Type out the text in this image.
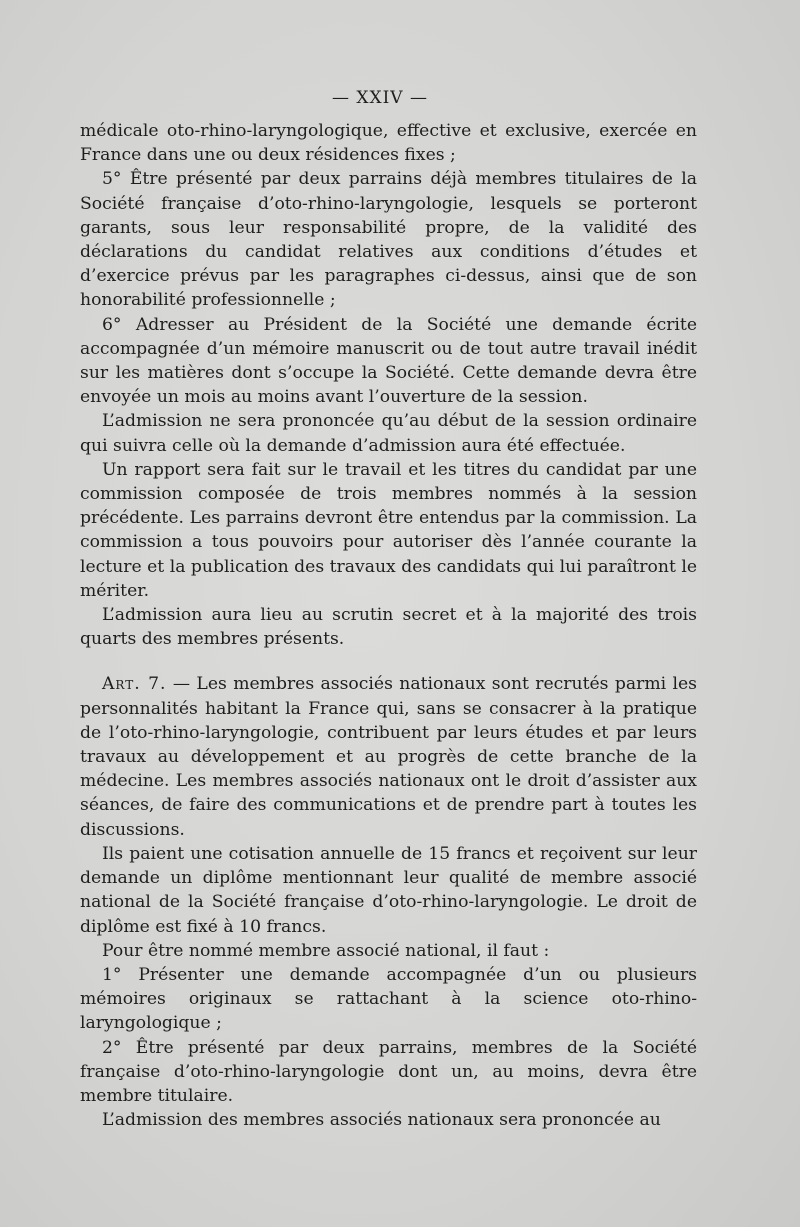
— XXIV —

médicale oto-rhino-laryngologique, effective et exclusive, exercée en France dans une ou deux résidences fixes ;

5° Être présenté par deux parrains déjà membres titulaires de la Société française d’oto-rhino-laryngologie, lesquels se porteront garants, sous leur responsabilité propre, de la validité des déclarations du candidat relatives aux conditions d’études et d’exercice prévus par les paragraphes ci-dessus, ainsi que de son honorabilité professionnelle ;

6° Adresser au Président de la Société une demande écrite accompagnée d’un mémoire manuscrit ou de tout autre travail inédit sur les matières dont s’occupe la Société. Cette demande devra être envoyée un mois au moins avant l’ouverture de la session.

L’admission ne sera prononcée qu’au début de la session ordinaire qui suivra celle où la demande d’admission aura été effectuée.

Un rapport sera fait sur le travail et les titres du candidat par une commission composée de trois membres nommés à la session précédente. Les parrains devront être entendus par la commission. La commission a tous pouvoirs pour autoriser dès l’année courante la lecture et la publication des travaux des candidats qui lui paraîtront le mériter.

L’admission aura lieu au scrutin secret et à la majorité des trois quarts des membres présents.

Art. 7. — Les membres associés nationaux sont recrutés parmi les personnalités habitant la France qui, sans se consacrer à la pratique de l’oto-rhino-laryngologie, contribuent par leurs études et par leurs travaux au développement et au progrès de cette branche de la médecine. Les membres associés nationaux ont le droit d’assister aux séances, de faire des communications et de prendre part à toutes les discussions.

Ils paient une cotisation annuelle de 15 francs et reçoivent sur leur demande un diplôme mentionnant leur qualité de membre associé national de la Société française d’oto-rhino-laryngologie. Le droit de diplôme est fixé à 10 francs.

Pour être nommé membre associé national, il faut :

1° Présenter une demande accompagnée d’un ou plusieurs mémoires originaux se rattachant à la science oto-rhino-laryngologique ;

2° Être présenté par deux parrains, membres de la Société française d’oto-rhino-laryngologie dont un, au moins, devra être membre titulaire.

L’admission des membres associés nationaux sera prononcée au
